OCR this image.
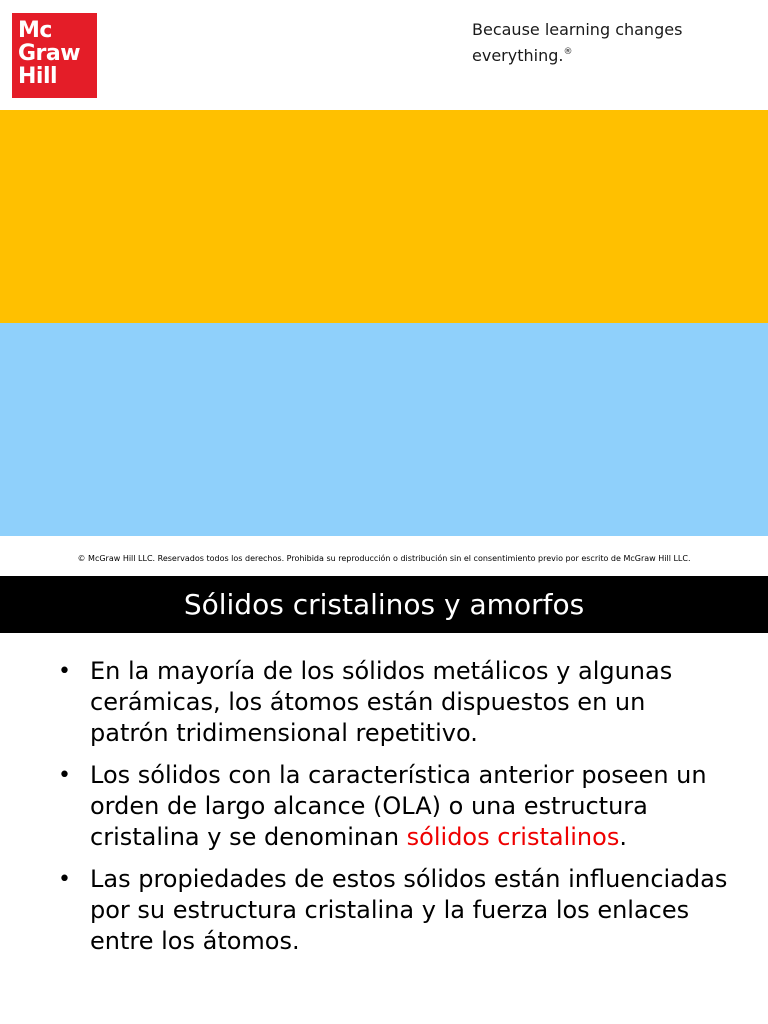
Mc
Graw
Hill
Because learning changes everything.®
© McGraw Hill LLC. Reservados todos los derechos. Prohibida su reproducción o distribución sin el consentimiento previo por escrito de McGraw Hill LLC.
Sólidos cristalinos y amorfos
• En la mayoría de los sólidos metálicos y algunas cerámicas, los átomos están dispuestos en un patrón tridimensional repetitivo.
• Los sólidos con la característica anterior poseen un orden de largo alcance (OLA) o una estructura cristalina y se denominan sólidos cristalinos.
• Las propiedades de estos sólidos están influenciadas por su estructura cristalina y la fuerza los enlaces entre los átomos.
